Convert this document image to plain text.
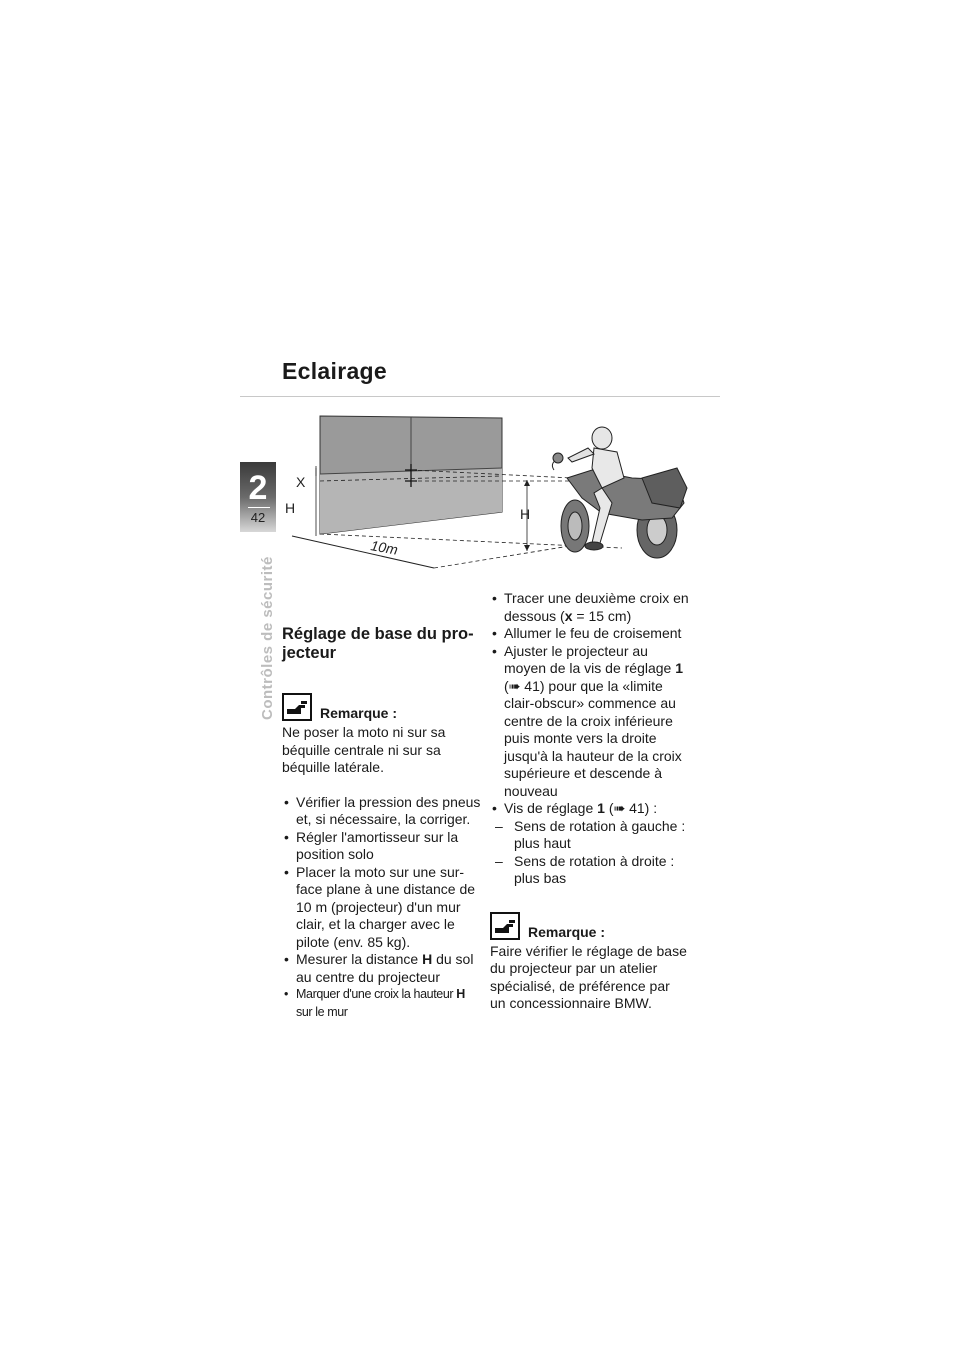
Eclairage
2
42
Contrôles de sécurité
X
H	H
10m

Réglage de base du pro-
jecteur

Remarque :

Ne poser la moto ni sur sa
béquille centrale ni sur sa
béquille latérale.

• Vérifier la pression des pneus
et, si nécessaire, la corriger.
• Régler l'amortisseur sur la
position solo
• Placer la moto sur une sur-
face plane à une distance de
10 m (projecteur) d'un mur
clair, et la charger avec le
pilote (env. 85 kg).
• Mesurer la distance H du sol
au centre du projecteur
• Marquer d'une croix la hauteur H
sur le mur
• Tracer une deuxième croix en
dessous (x = 15 cm)
• Allumer le feu de croisement
• Ajuster le projecteur au
moyen de la vis de réglage 1
(➠ 41) pour que la «limite
clair-obscur» commence au
centre de la croix inférieure
puis monte vers la droite
jusqu'à la hauteur de la croix
supérieure et descende à
nouveau
• Vis de réglage 1 (➠ 41) :
– Sens de rotation à gauche :
plus haut
– Sens de rotation à droite :
plus bas
Remarque :

Faire vérifier le réglage de base
du projecteur par un atelier
spécialisé, de préférence par
un concessionnaire BMW.
